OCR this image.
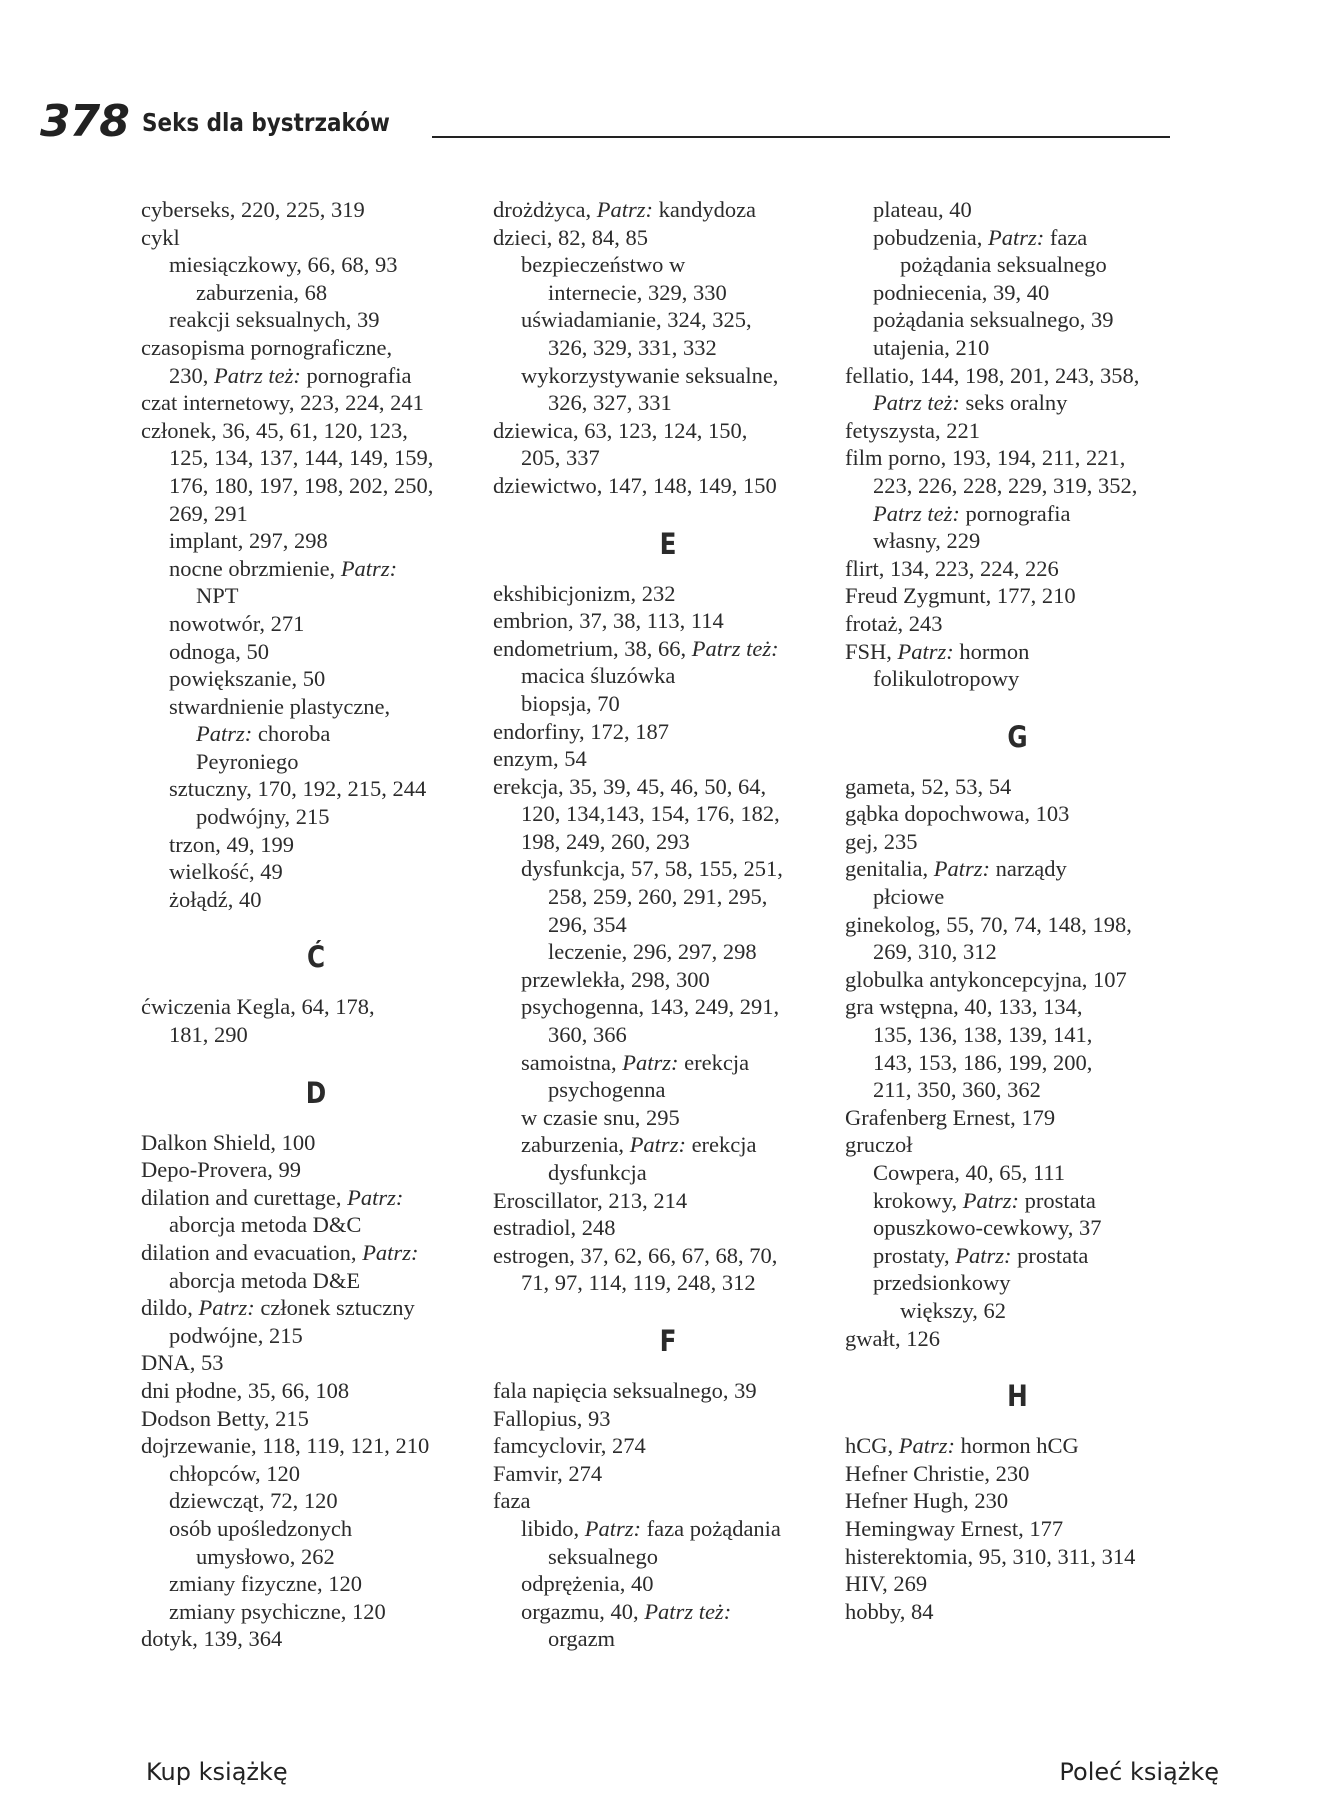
378 Seks dla bystrzaków
cyberseks, 220, 225, 319
cykl
miesiączkowy, 66, 68, 93
zaburzenia, 68
reakcji seksualnych, 39
czasopisma pornograficzne,
230, Patrz też: pornografia
czat internetowy, 223, 224, 241
członek, 36, 45, 61, 120, 123,
125, 134, 137, 144, 149, 159,
176, 180, 197, 198, 202, 250,
269, 291
implant, 297, 298
nocne obrzmienie, Patrz:
NPT
nowotwór, 271
odnoga, 50
powiększanie, 50
stwardnienie plastyczne,
Patrz: choroba
Peyroniego
sztuczny, 170, 192, 215, 244
podwójny, 215
trzon, 49, 199
wielkość, 49
żołądź, 40
Ć
ćwiczenia Kegla, 64, 178,
181, 290
D
Dalkon Shield, 100
Depo-Provera, 99
dilation and curettage, Patrz:
aborcja metoda D&C
dilation and evacuation, Patrz:
aborcja metoda D&E
dildo, Patrz: członek sztuczny
podwójne, 215
DNA, 53
dni płodne, 35, 66, 108
Dodson Betty, 215
dojrzewanie, 118, 119, 121, 210
chłopców, 120
dziewcząt, 72, 120
osób upośledzonych
umysłowo, 262
zmiany fizyczne, 120
zmiany psychiczne, 120
dotyk, 139, 364
drożdżyca, Patrz: kandydoza
dzieci, 82, 84, 85
bezpieczeństwo w
internecie, 329, 330
uświadamianie, 324, 325,
326, 329, 331, 332
wykorzystywanie seksualne,
326, 327, 331
dziewica, 63, 123, 124, 150,
205, 337
dziewictwo, 147, 148, 149, 150
E
ekshibicjonizm, 232
embrion, 37, 38, 113, 114
endometrium, 38, 66, Patrz też:
macica śluzówka
biopsja, 70
endorfiny, 172, 187
enzym, 54
erekcja, 35, 39, 45, 46, 50, 64,
120, 134,143, 154, 176, 182,
198, 249, 260, 293
dysfunkcja, 57, 58, 155, 251,
258, 259, 260, 291, 295,
296, 354
leczenie, 296, 297, 298
przewlekła, 298, 300
psychogenna, 143, 249, 291,
360, 366
samoistna, Patrz: erekcja
psychogenna
w czasie snu, 295
zaburzenia, Patrz: erekcja
dysfunkcja
Eroscillator, 213, 214
estradiol, 248
estrogen, 37, 62, 66, 67, 68, 70,
71, 97, 114, 119, 248, 312
F
fala napięcia seksualnego, 39
Fallopius, 93
famcyclovir, 274
Famvir, 274
faza
libido, Patrz: faza pożądania
seksualnego
odprężenia, 40
orgazmu, 40, Patrz też:
orgazm
plateau, 40
pobudzenia, Patrz: faza
pożądania seksualnego
podniecenia, 39, 40
pożądania seksualnego, 39
utajenia, 210
fellatio, 144, 198, 201, 243, 358,
Patrz też: seks oralny
fetyszysta, 221
film porno, 193, 194, 211, 221,
223, 226, 228, 229, 319, 352,
Patrz też: pornografia
własny, 229
flirt, 134, 223, 224, 226
Freud Zygmunt, 177, 210
frotaż, 243
FSH, Patrz: hormon
folikulotropowy
G
gameta, 52, 53, 54
gąbka dopochwowa, 103
gej, 235
genitalia, Patrz: narządy
płciowe
ginekolog, 55, 70, 74, 148, 198,
269, 310, 312
globulka antykoncepcyjna, 107
gra wstępna, 40, 133, 134,
135, 136, 138, 139, 141,
143, 153, 186, 199, 200,
211, 350, 360, 362
Grafenberg Ernest, 179
gruczoł
Cowpera, 40, 65, 111
krokowy, Patrz: prostata
opuszkowo-cewkowy, 37
prostaty, Patrz: prostata
przedsionkowy
większy, 62
gwałt, 126
H
hCG, Patrz: hormon hCG
Hefner Christie, 230
Hefner Hugh, 230
Hemingway Ernest, 177
histerektomia, 95, 310, 311, 314
HIV, 269
hobby, 84
Kup książkę	Poleć książkę
